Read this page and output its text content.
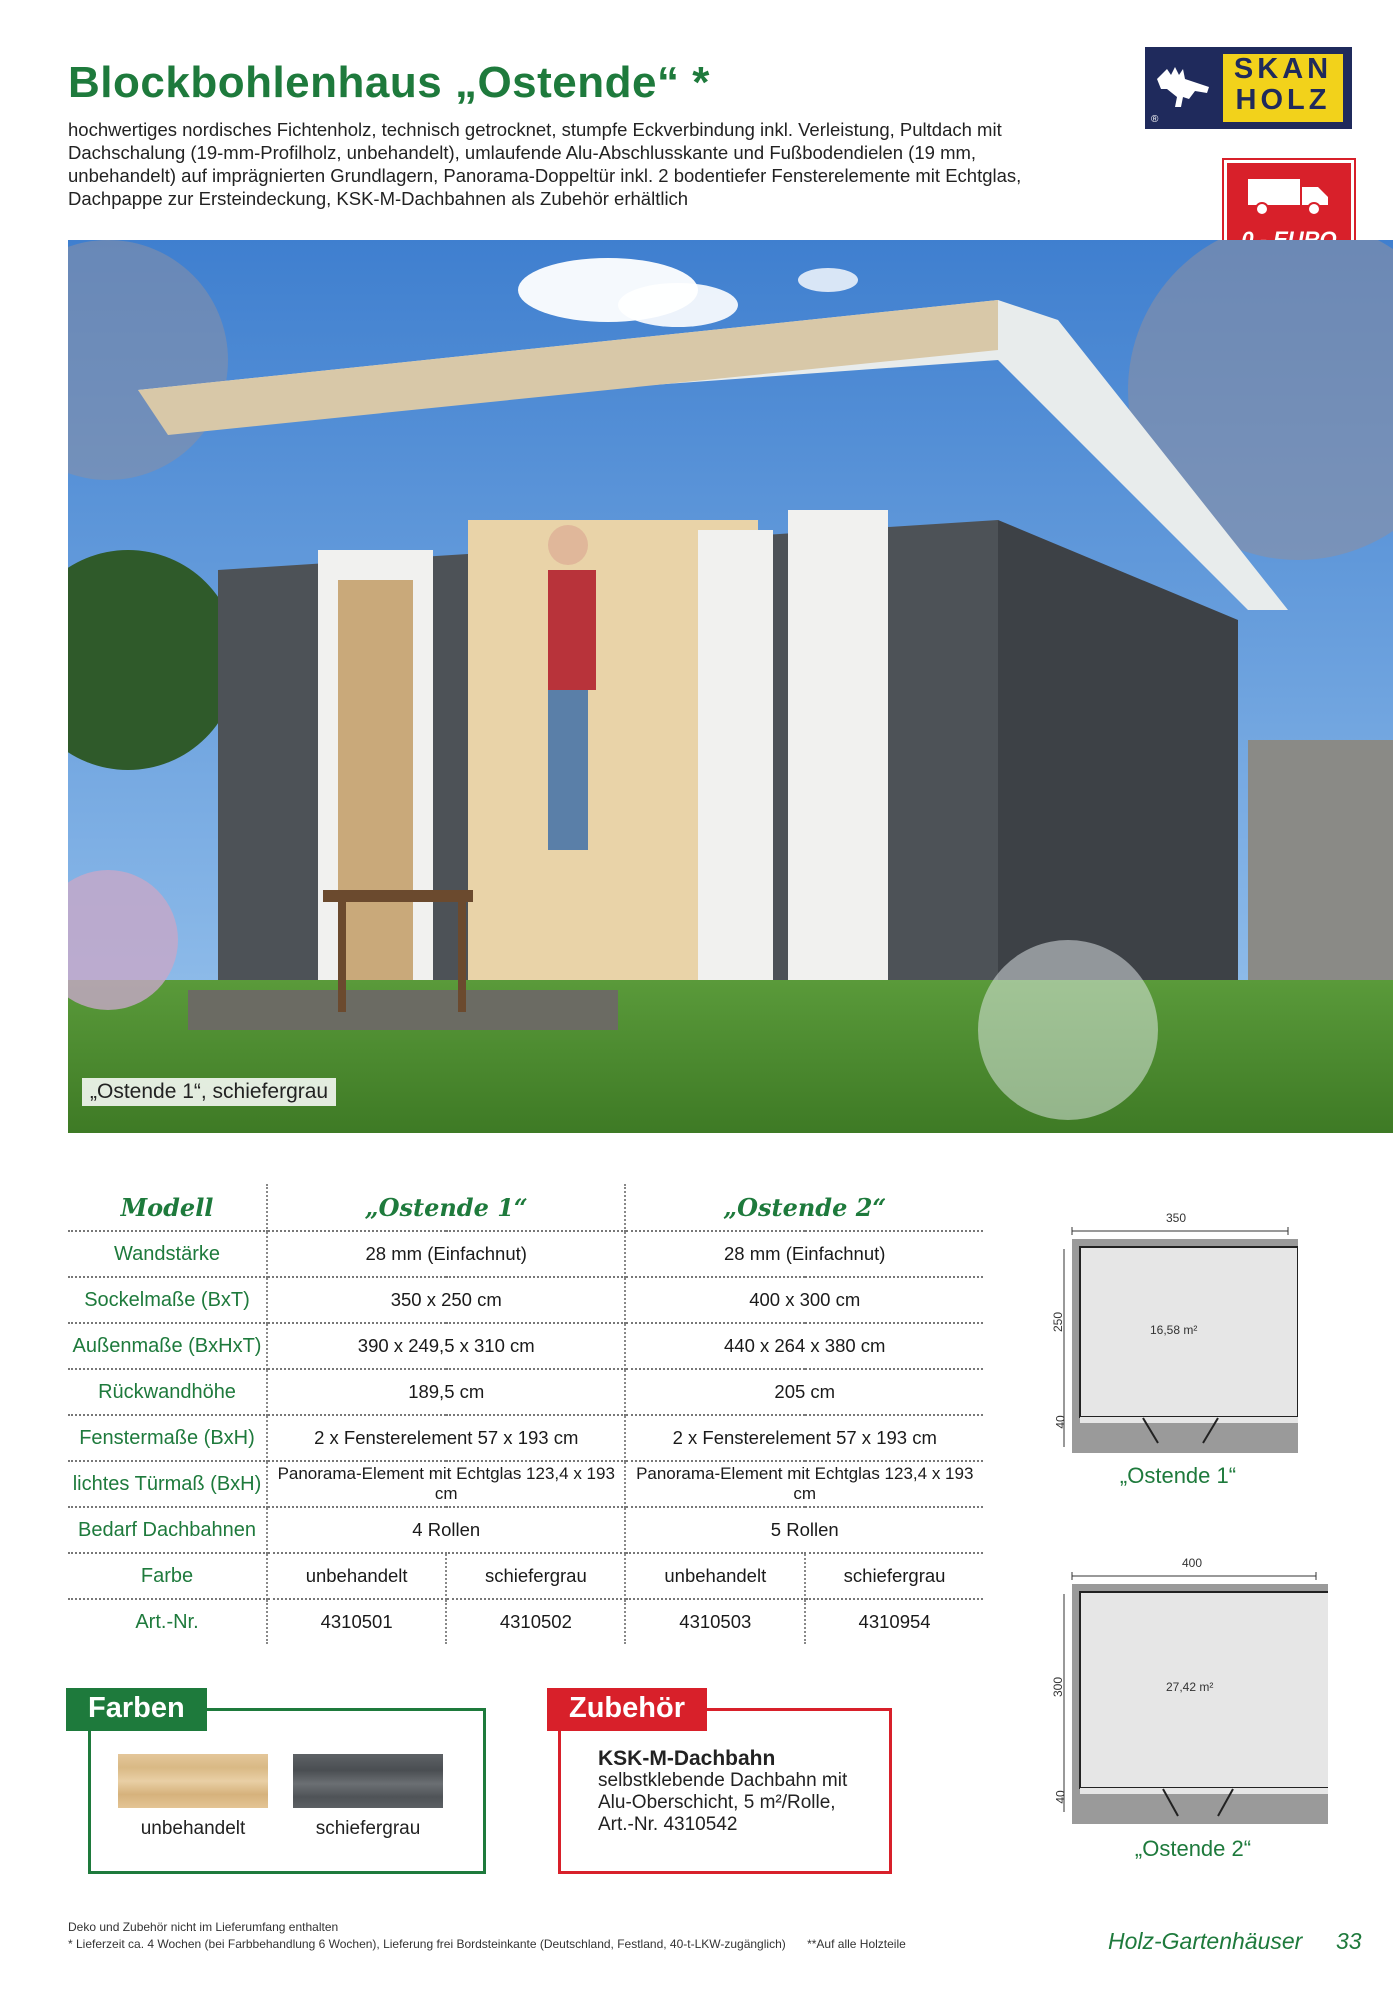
Blockbohlenhaus „Ostende“ *
hochwertiges nordisches Fichtenholz, technisch getrocknet, stumpfe Eckverbindung inkl. Verleistung, Pultdach mit Dachschalung (19-mm-Profilholz, unbehandelt), umlaufende Alu-Abschlusskante und Fußbodendielen (19 mm, unbehandelt) auf imprägnierten Grundlagern, Panorama-Doppeltür inkl. 2 bodentiefer Fensterelemente mit Echtglas, Dachpappe zur Ersteindeckung, KSK-M-Dachbahnen als Zubehör erhältlich
SKAN
HOLZ
®
„Ostende 1“, schiefergrau
Modell	„Ostende 1“		„Ostende 2“	
Wandstärke	28 mm (Einfachnut)		28 mm (Einfachnut)	
Sockelmaße (BxT)	350 x 250 cm		400 x 300 cm	
Außenmaße (BxHxT)	390 x 249,5 x 310 cm		440 x 264 x 380 cm	
Rückwandhöhe	189,5 cm		205 cm	
Fenstermaße (BxH)	2 x Fensterelement 57 x 193 cm		2 x Fensterelement 57 x 193 cm	
lichtes Türmaß (BxH)	Panorama-Element mit Echtglas 123,4 x 193 cm		Panorama-Element mit Echtglas 123,4 x 193 cm	
Bedarf Dachbahnen	4 Rollen		5 Rollen	
Farbe	unbehandelt	schiefergrau	unbehandelt	schiefergrau
Art.-Nr.	4310501	4310502	4310503	4310954
350
250
40
16,58 m²
„Ostende 1“
400
300
40
27,42 m²
„Ostende 2“
Farben
unbehandelt	schiefergrau
Zubehör
KSK-M-Dachbahn
selbstklebende Dachbahn mit
Alu-Oberschicht, 5 m²/Rolle,
Art.-Nr. 4310542
Deko und Zubehör nicht im Lieferumfang enthalten
* Lieferzeit ca. 4 Wochen (bei Farbbehandlung 6 Wochen), Lieferung frei Bordsteinkante (Deutschland, Festland, 40-t-LKW-zugänglich) **Auf alle Holzteile	Holz-Gartenhäuser 33
